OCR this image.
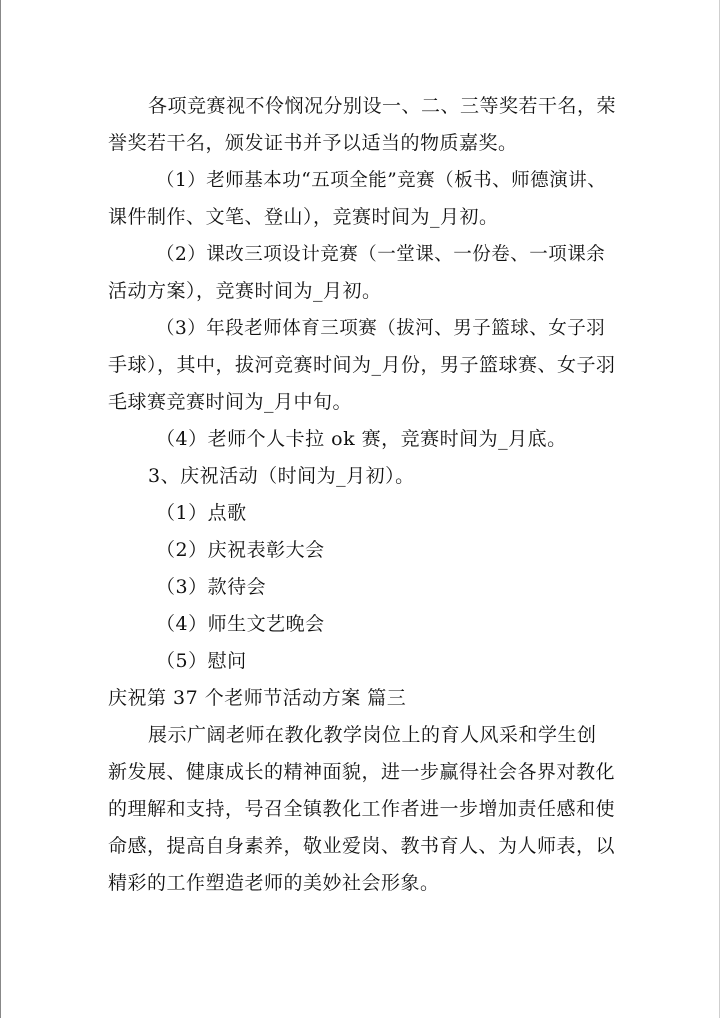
各项竞赛视不伶悯况分别设一、二、三等奖若干名，荣
誉奖若干名，颁发证书并予以适当的物质嘉奖。
（1）老师基本功“五项全能”竞赛（板书、师德演讲、
课件制作、文笔、登山），竞赛时间为_月初。
（2）课改三项设计竞赛（一堂课、一份卷、一项课余
活动方案），竞赛时间为_月初。
（3）年段老师体育三项赛（拔河、男子篮球、女子羽
手球），其中，拔河竞赛时间为_月份，男子篮球赛、女子羽
毛球赛竞赛时间为_月中旬。
（4）老师个人卡拉 ok 赛，竞赛时间为_月底。
3、庆祝活动（时间为_月初）。
（1）点歌
（2）庆祝表彰大会
（3）款待会
（4）师生文艺晚会
（5）慰问
庆祝第 37 个老师节活动方案 篇三
展示广阔老师在教化教学岗位上的育人风采和学生创
新发展、健康成长的精神面貌，进一步赢得社会各界对教化
的理解和支持，号召全镇教化工作者进一步增加责任感和使
命感，提高自身素养，敬业爱岗、教书育人、为人师表，以
精彩的工作塑造老师的美妙社会形象。
